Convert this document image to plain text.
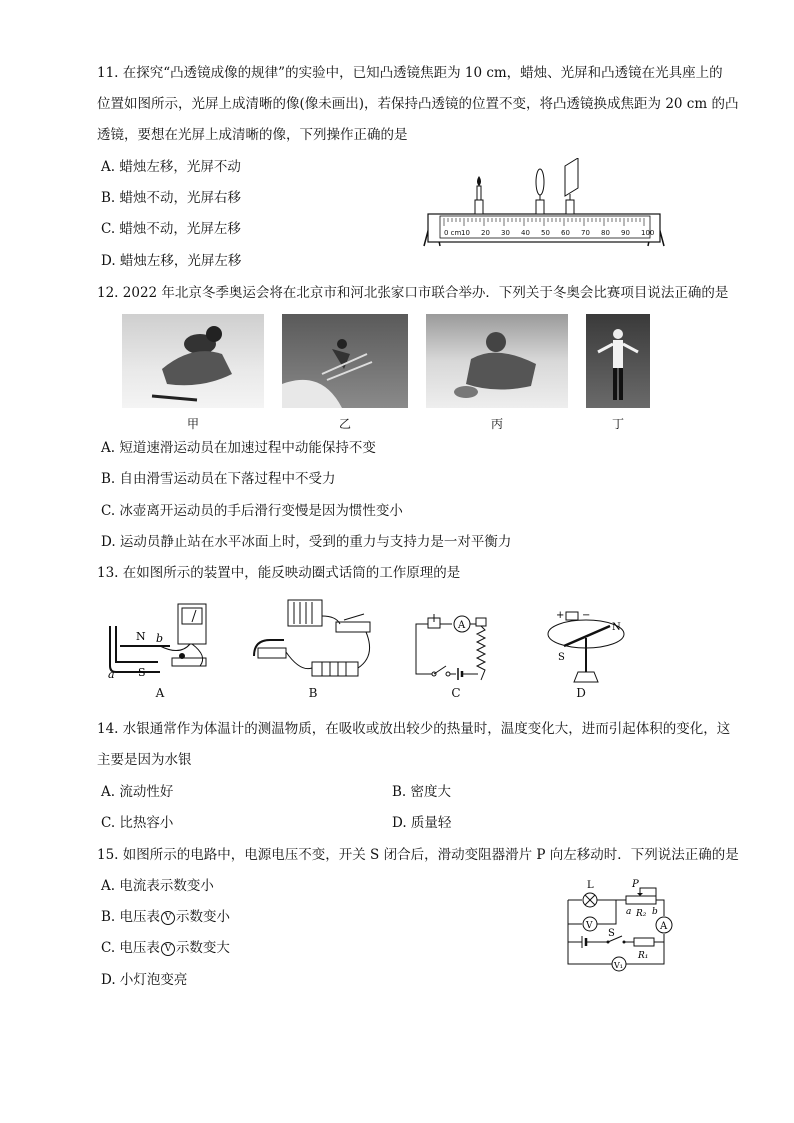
11. 在探究“凸透镜成像的规律”的实验中，已知凸透镜焦距为 10 cm，蜡烛、光屏和凸透镜在光具座上的
位置如图所示，光屏上成清晰的像(像未画出)，若保持凸透镜的位置不变，将凸透镜换成焦距为 20 cm 的凸
透镜，要想在光屏上成清晰的像，下列操作正确的是
A. 蜡烛左移，光屏不动
B. 蜡烛不动，光屏右移
C. 蜡烛不动，光屏左移
D. 蜡烛左移，光屏左移
0 cm 10 20 30 40 50 60 70 80 90 100
12. 2022 年北京冬季奥运会将在北京市和河北张家口市联合举办．下列关于冬奥会比赛项目说法正确的是
甲	乙	丙	丁
A. 短道速滑运动员在加速过程中动能保持不变
B. 自由滑雪运动员在下落过程中不受力
C. 冰壶离开运动员的手后滑行变慢是因为惯性变小
D. 运动员静止站在水平冰面上时，受到的重力与支持力是一对平衡力
13. 在如图所示的装置中，能反映动圈式话筒的工作原理的是
N
S
a
b
A
+ −
N
S
A	B	C	D
14. 水银通常作为体温计的测温物质，在吸收或放出较少的热量时，温度变化大，进而引起体积的变化，这
主要是因为水银
A. 流动性好	B. 密度大
C. 比热容小	D. 质量轻
15. 如图所示的电路中，电源电压不变，开关 S 闭合后，滑动变阻器滑片 P 向左移动时．下列说法正确的是
A. 电流表示数变小
B. 电压表 V 示数变小
C. 电压表 V 示数变大
D. 小灯泡变亮
L	P
a R₂ b
A
V
S
R₁
V₁
